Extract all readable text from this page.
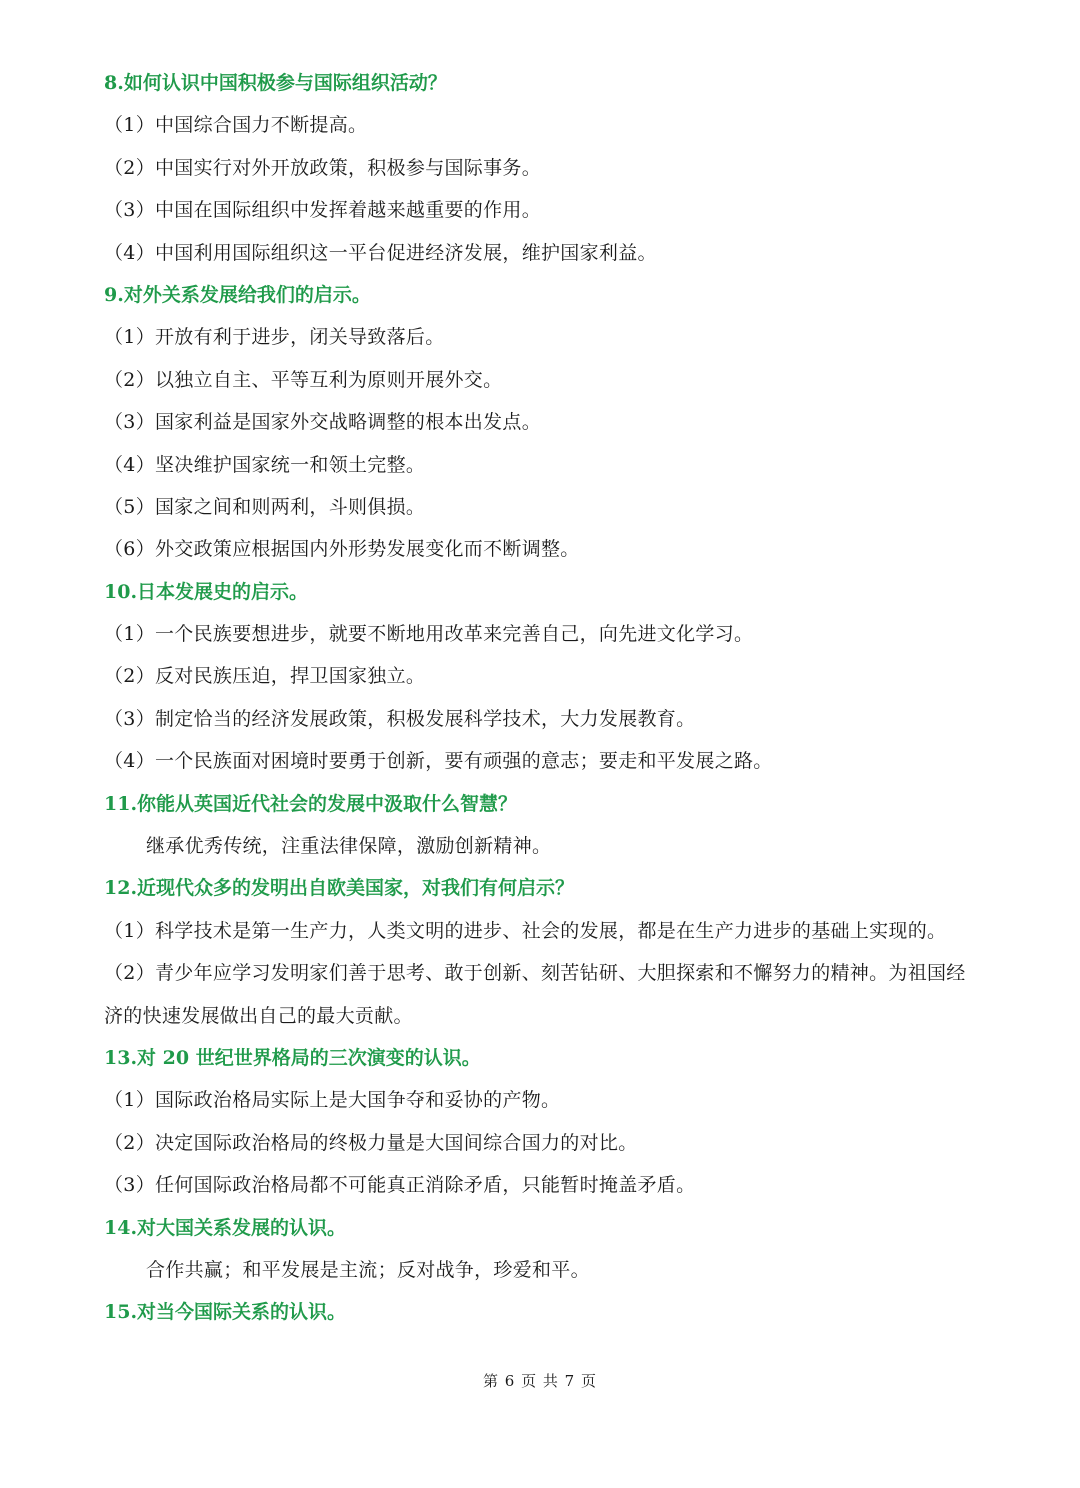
8.如何认识中国积极参与国际组织活动？
（1）中国综合国力不断提高。
（2）中国实行对外开放政策，积极参与国际事务。
（3）中国在国际组织中发挥着越来越重要的作用。
（4）中国利用国际组织这一平台促进经济发展，维护国家利益。
9.对外关系发展给我们的启示。
（1）开放有利于进步，闭关导致落后。
（2）以独立自主、平等互利为原则开展外交。
（3）国家利益是国家外交战略调整的根本出发点。
（4）坚决维护国家统一和领土完整。
（5）国家之间和则两利，斗则俱损。
（6）外交政策应根据国内外形势发展变化而不断调整。
10.日本发展史的启示。
（1）一个民族要想进步，就要不断地用改革来完善自己，向先进文化学习。
（2）反对民族压迫，捍卫国家独立。
（3）制定恰当的经济发展政策，积极发展科学技术，大力发展教育。
（4）一个民族面对困境时要勇于创新，要有顽强的意志；要走和平发展之路。
11.你能从英国近代社会的发展中汲取什么智慧？
继承优秀传统，注重法律保障，激励创新精神。
12.近现代众多的发明出自欧美国家，对我们有何启示？
（1）科学技术是第一生产力，人类文明的进步、社会的发展，都是在生产力进步的基础上实现的。
（2）青少年应学习发明家们善于思考、敢于创新、刻苦钻研、大胆探索和不懈努力的精神。为祖国经济的快速发展做出自己的最大贡献。
13.对 20 世纪世界格局的三次演变的认识。
（1）国际政治格局实际上是大国争夺和妥协的产物。
（2）决定国际政治格局的终极力量是大国间综合国力的对比。
（3）任何国际政治格局都不可能真正消除矛盾，只能暂时掩盖矛盾。
14.对大国关系发展的认识。
合作共赢；和平发展是主流；反对战争，珍爱和平。
15.对当今国际关系的认识。
第 6 页 共 7 页
